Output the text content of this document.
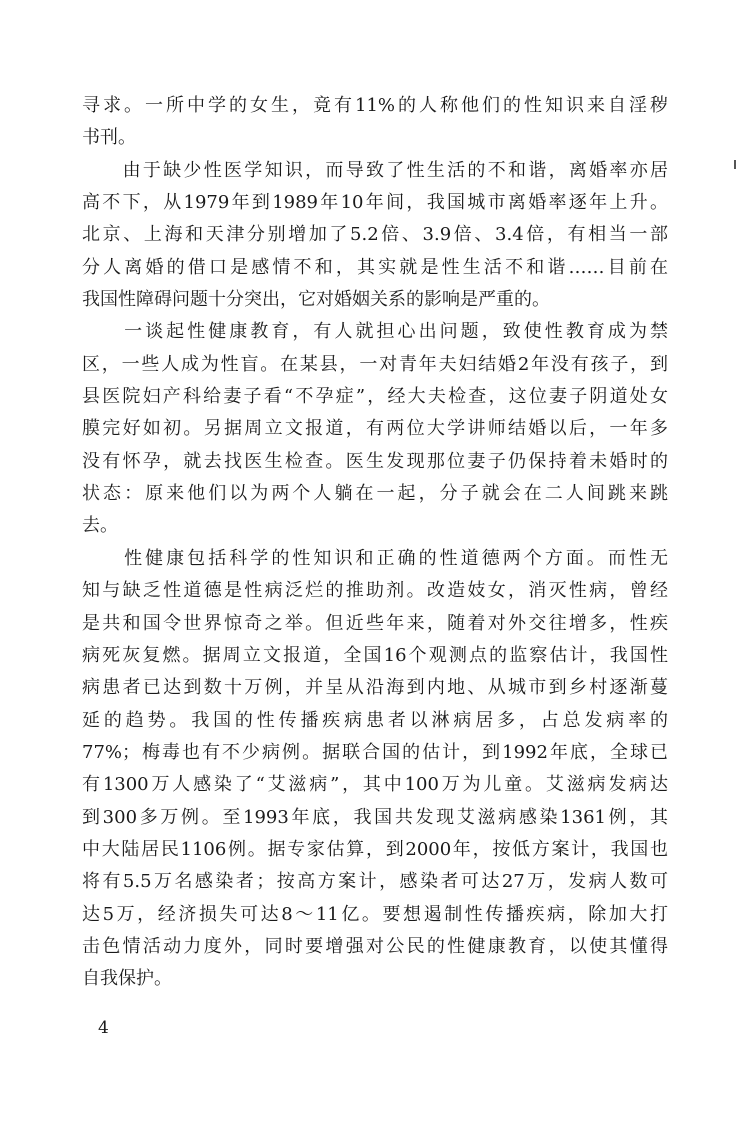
寻求。一所中学的女生，竟有11%的人称他们的性知识来自淫秽
书刊。
　　由于缺少性医学知识，而导致了性生活的不和谐，离婚率亦居
高不下，从1979年到1989年10年间，我国城市离婚率逐年上升。
北京、上海和天津分别增加了5.2倍、3.9倍、3.4倍，有相当一部
分人离婚的借口是感情不和，其实就是性生活不和谐……目前在
我国性障碍问题十分突出，它对婚姻关系的影响是严重的。
　　一谈起性健康教育，有人就担心出问题，致使性教育成为禁
区，一些人成为性盲。在某县，一对青年夫妇结婚2年没有孩子，到
县医院妇产科给妻子看“不孕症”，经大夫检查，这位妻子阴道处女
膜完好如初。另据周立文报道，有两位大学讲师结婚以后，一年多
没有怀孕，就去找医生检查。医生发现那位妻子仍保持着未婚时的
状态：原来他们以为两个人躺在一起，分子就会在二人间跳来跳
去。
　　性健康包括科学的性知识和正确的性道德两个方面。而性无
知与缺乏性道德是性病泛烂的推助剂。改造妓女，消灭性病，曾经
是共和国令世界惊奇之举。但近些年来，随着对外交往增多，性疾
病死灰复燃。据周立文报道，全国16个观测点的监察估计，我国性
病患者已达到数十万例，并呈从沿海到内地、从城市到乡村逐渐蔓
延的趋势。我国的性传播疾病患者以淋病居多，占总发病率的
77%；梅毒也有不少病例。据联合国的估计，到1992年底，全球已
有1300万人感染了“艾滋病”，其中100万为儿童。艾滋病发病达
到300多万例。至1993年底，我国共发现艾滋病感染1361例，其
中大陆居民1106例。据专家估算，到2000年，按低方案计，我国也
将有5.5万名感染者；按高方案计，感染者可达27万，发病人数可
达5万，经济损失可达8～11亿。要想遏制性传播疾病，除加大打
击色情活动力度外，同时要增强对公民的性健康教育，以使其懂得
自我保护。
4
